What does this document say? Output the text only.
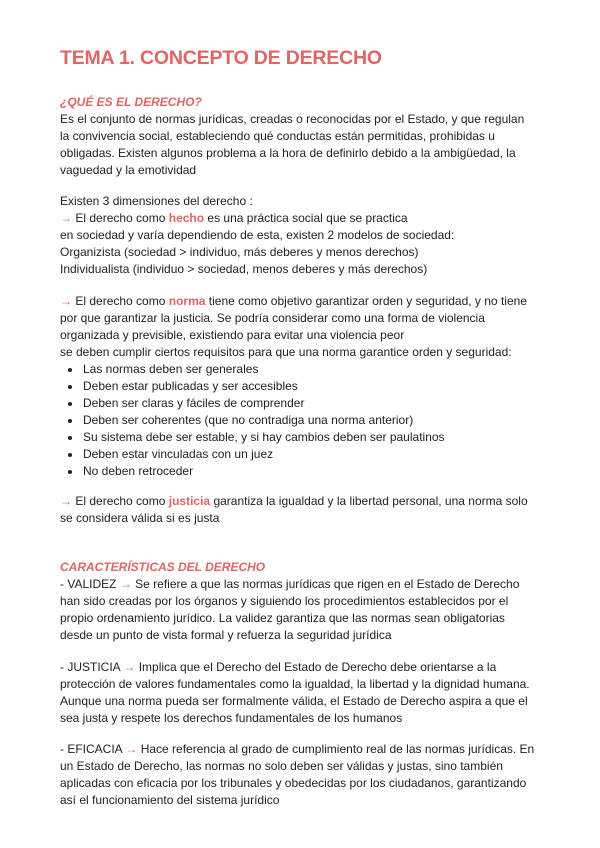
TEMA 1. CONCEPTO DE DERECHO
¿QUÉ ES EL DERECHO?
Es el conjunto de normas jurídicas, creadas o reconocidas por el Estado, y que regulan
la convivencia social, estableciendo qué conductas están permitidas, prohibidas u
obligadas. Existen algunos problema a la hora de definirlo debido a la ambigüedad, la
vaguedad y la emotividad
Existen 3 dimensiones del derecho :
→ El derecho como hecho es una práctica social que se practica
en sociedad y varía dependiendo de esta, existen 2 modelos de sociedad:
Organizista (sociedad > individuo, más deberes y menos derechos)
Individualista (individuo > sociedad, menos deberes y más derechos)
→ El derecho como norma tiene como objetivo garantizar orden y seguridad, y no tiene
por que garantizar la justicia. Se podría considerar como una forma de violencia
organizada y previsible, existiendo para evitar una violencia peor
se deben cumplir ciertos requisitos para que una norma garantice orden y seguridad:
Las normas deben ser generales
Deben estar publicadas y ser accesibles
Deben ser claras y fáciles de comprender
Deben ser coherentes (que no contradiga una norma anterior)
Su sistema debe ser estable, y si hay cambios deben ser paulatinos
Deben estar vinculadas con un juez
No deben retroceder
→ El derecho como justicia garantiza la igualdad y la libertad personal, una norma solo
se considera válida si es justa
CARACTERÍSTICAS DEL DERECHO
- VALIDEZ → Se refiere a que las normas jurídicas que rigen en el Estado de Derecho
han sido creadas por los órganos y siguiendo los procedimientos establecidos por el
propio ordenamiento jurídico. La validez garantiza que las normas sean obligatorias
desde un punto de vista formal y refuerza la seguridad jurídica
- JUSTICIA → Implica que el Derecho del Estado de Derecho debe orientarse a la
protección de valores fundamentales como la igualdad, la libertad y la dignidad humana.
Aunque una norma pueda ser formalmente válida, el Estado de Derecho aspira a que el
sea justa y respete los derechos fundamentales de los humanos
- EFICACIA → Hace referencia al grado de cumplimiento real de las normas jurídicas. En
un Estado de Derecho, las normas no solo deben ser válidas y justas, sino también
aplicadas con eficacia por los tribunales y obedecidas por los ciudadanos, garantizando
así el funcionamiento del sistema jurídico
